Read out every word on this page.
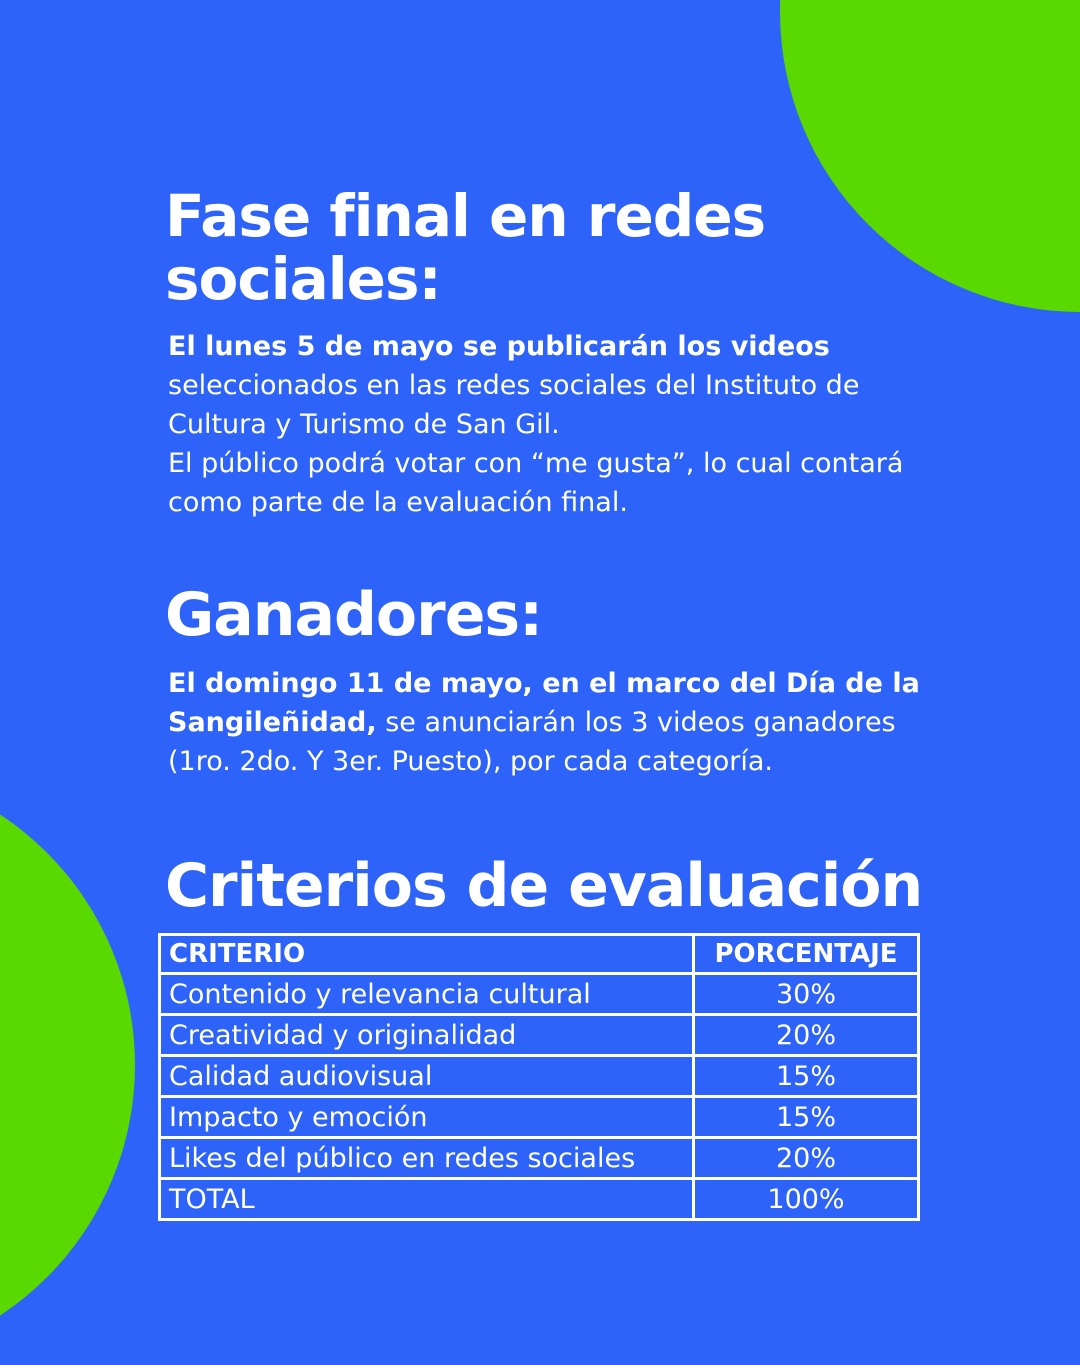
Fase final en redes
sociales:

El lunes 5 de mayo se publicarán los videos
seleccionados en las redes sociales del Instituto de
Cultura y Turismo de San Gil.
El público podrá votar con “me gusta”, lo cual contará
como parte de la evaluación final.

Ganadores:

El domingo 11 de mayo, en el marco del Día de la
Sangileñidad, se anunciarán los 3 videos ganadores
(1ro. 2do. Y 3er. Puesto), por cada categoría.

Criterios de evaluación
CRITERIO	PORCENTAJE
Contenido y relevancia cultural	30%
Creatividad y originalidad	20%
Calidad audiovisual	15%
Impacto y emoción	15%
Likes del público en redes sociales	20%
TOTAL	100%
